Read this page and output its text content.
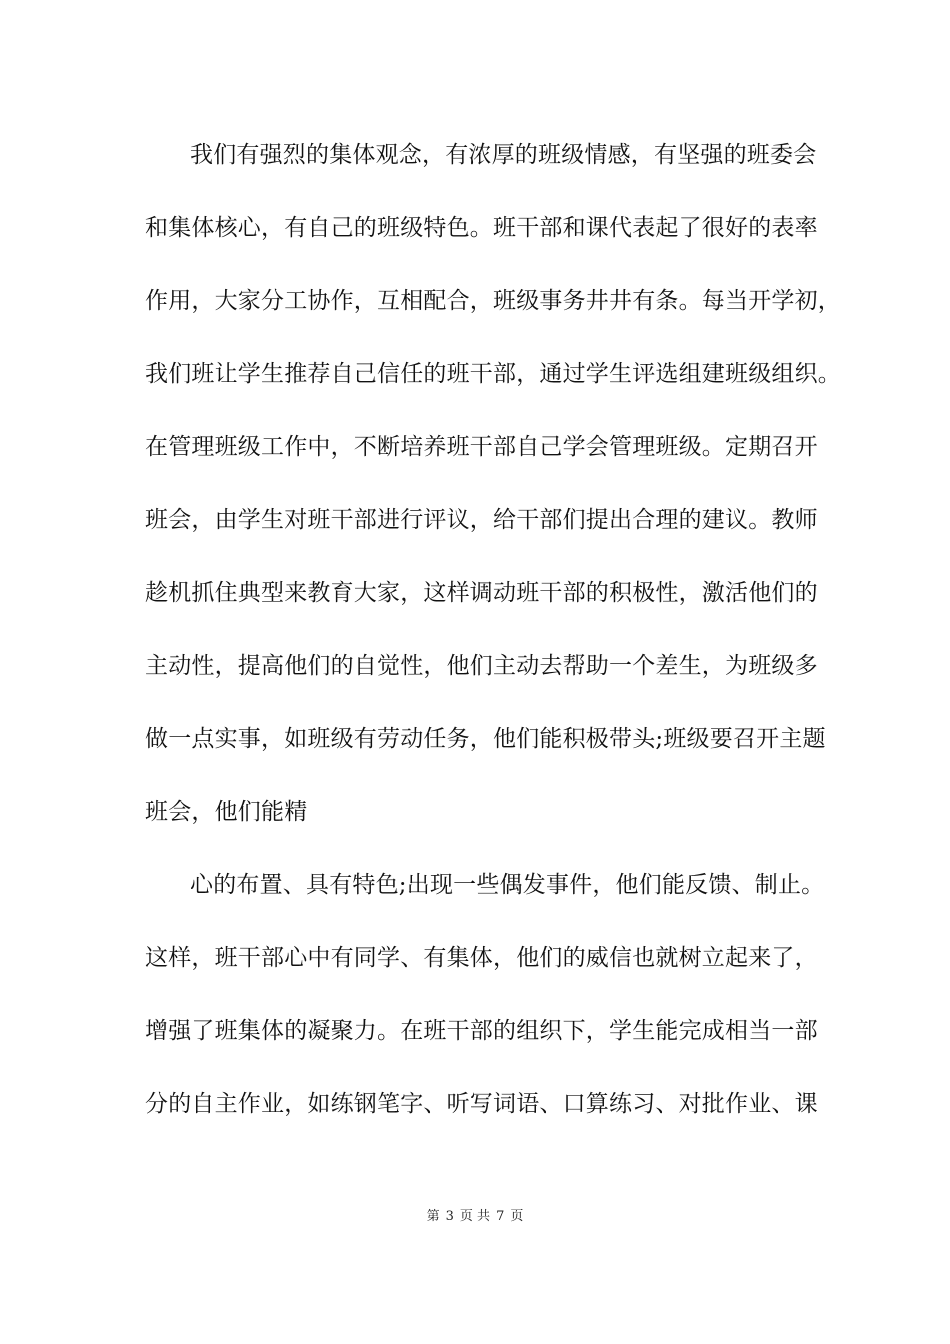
我们有强烈的集体观念，有浓厚的班级情感，有坚强的班委会
和集体核心，有自己的班级特色。班干部和课代表起了很好的表率
作用，大家分工协作，互相配合，班级事务井井有条。每当开学初，
我们班让学生推荐自己信任的班干部，通过学生评选组建班级组织。
在管理班级工作中，不断培养班干部自己学会管理班级。定期召开
班会，由学生对班干部进行评议，给干部们提出合理的建议。教师
趁机抓住典型来教育大家，这样调动班干部的积极性，激活他们的
主动性，提高他们的自觉性，他们主动去帮助一个差生，为班级多
做一点实事，如班级有劳动任务，他们能积极带头;班级要召开主题
班会，他们能精
心的布置、具有特色;出现一些偶发事件，他们能反馈、制止。
这样，班干部心中有同学、有集体，他们的威信也就树立起来了，
增强了班集体的凝聚力。在班干部的组织下，学生能完成相当一部
分的自主作业，如练钢笔字、听写词语、口算练习、对批作业、课
第 3 页 共 7 页
